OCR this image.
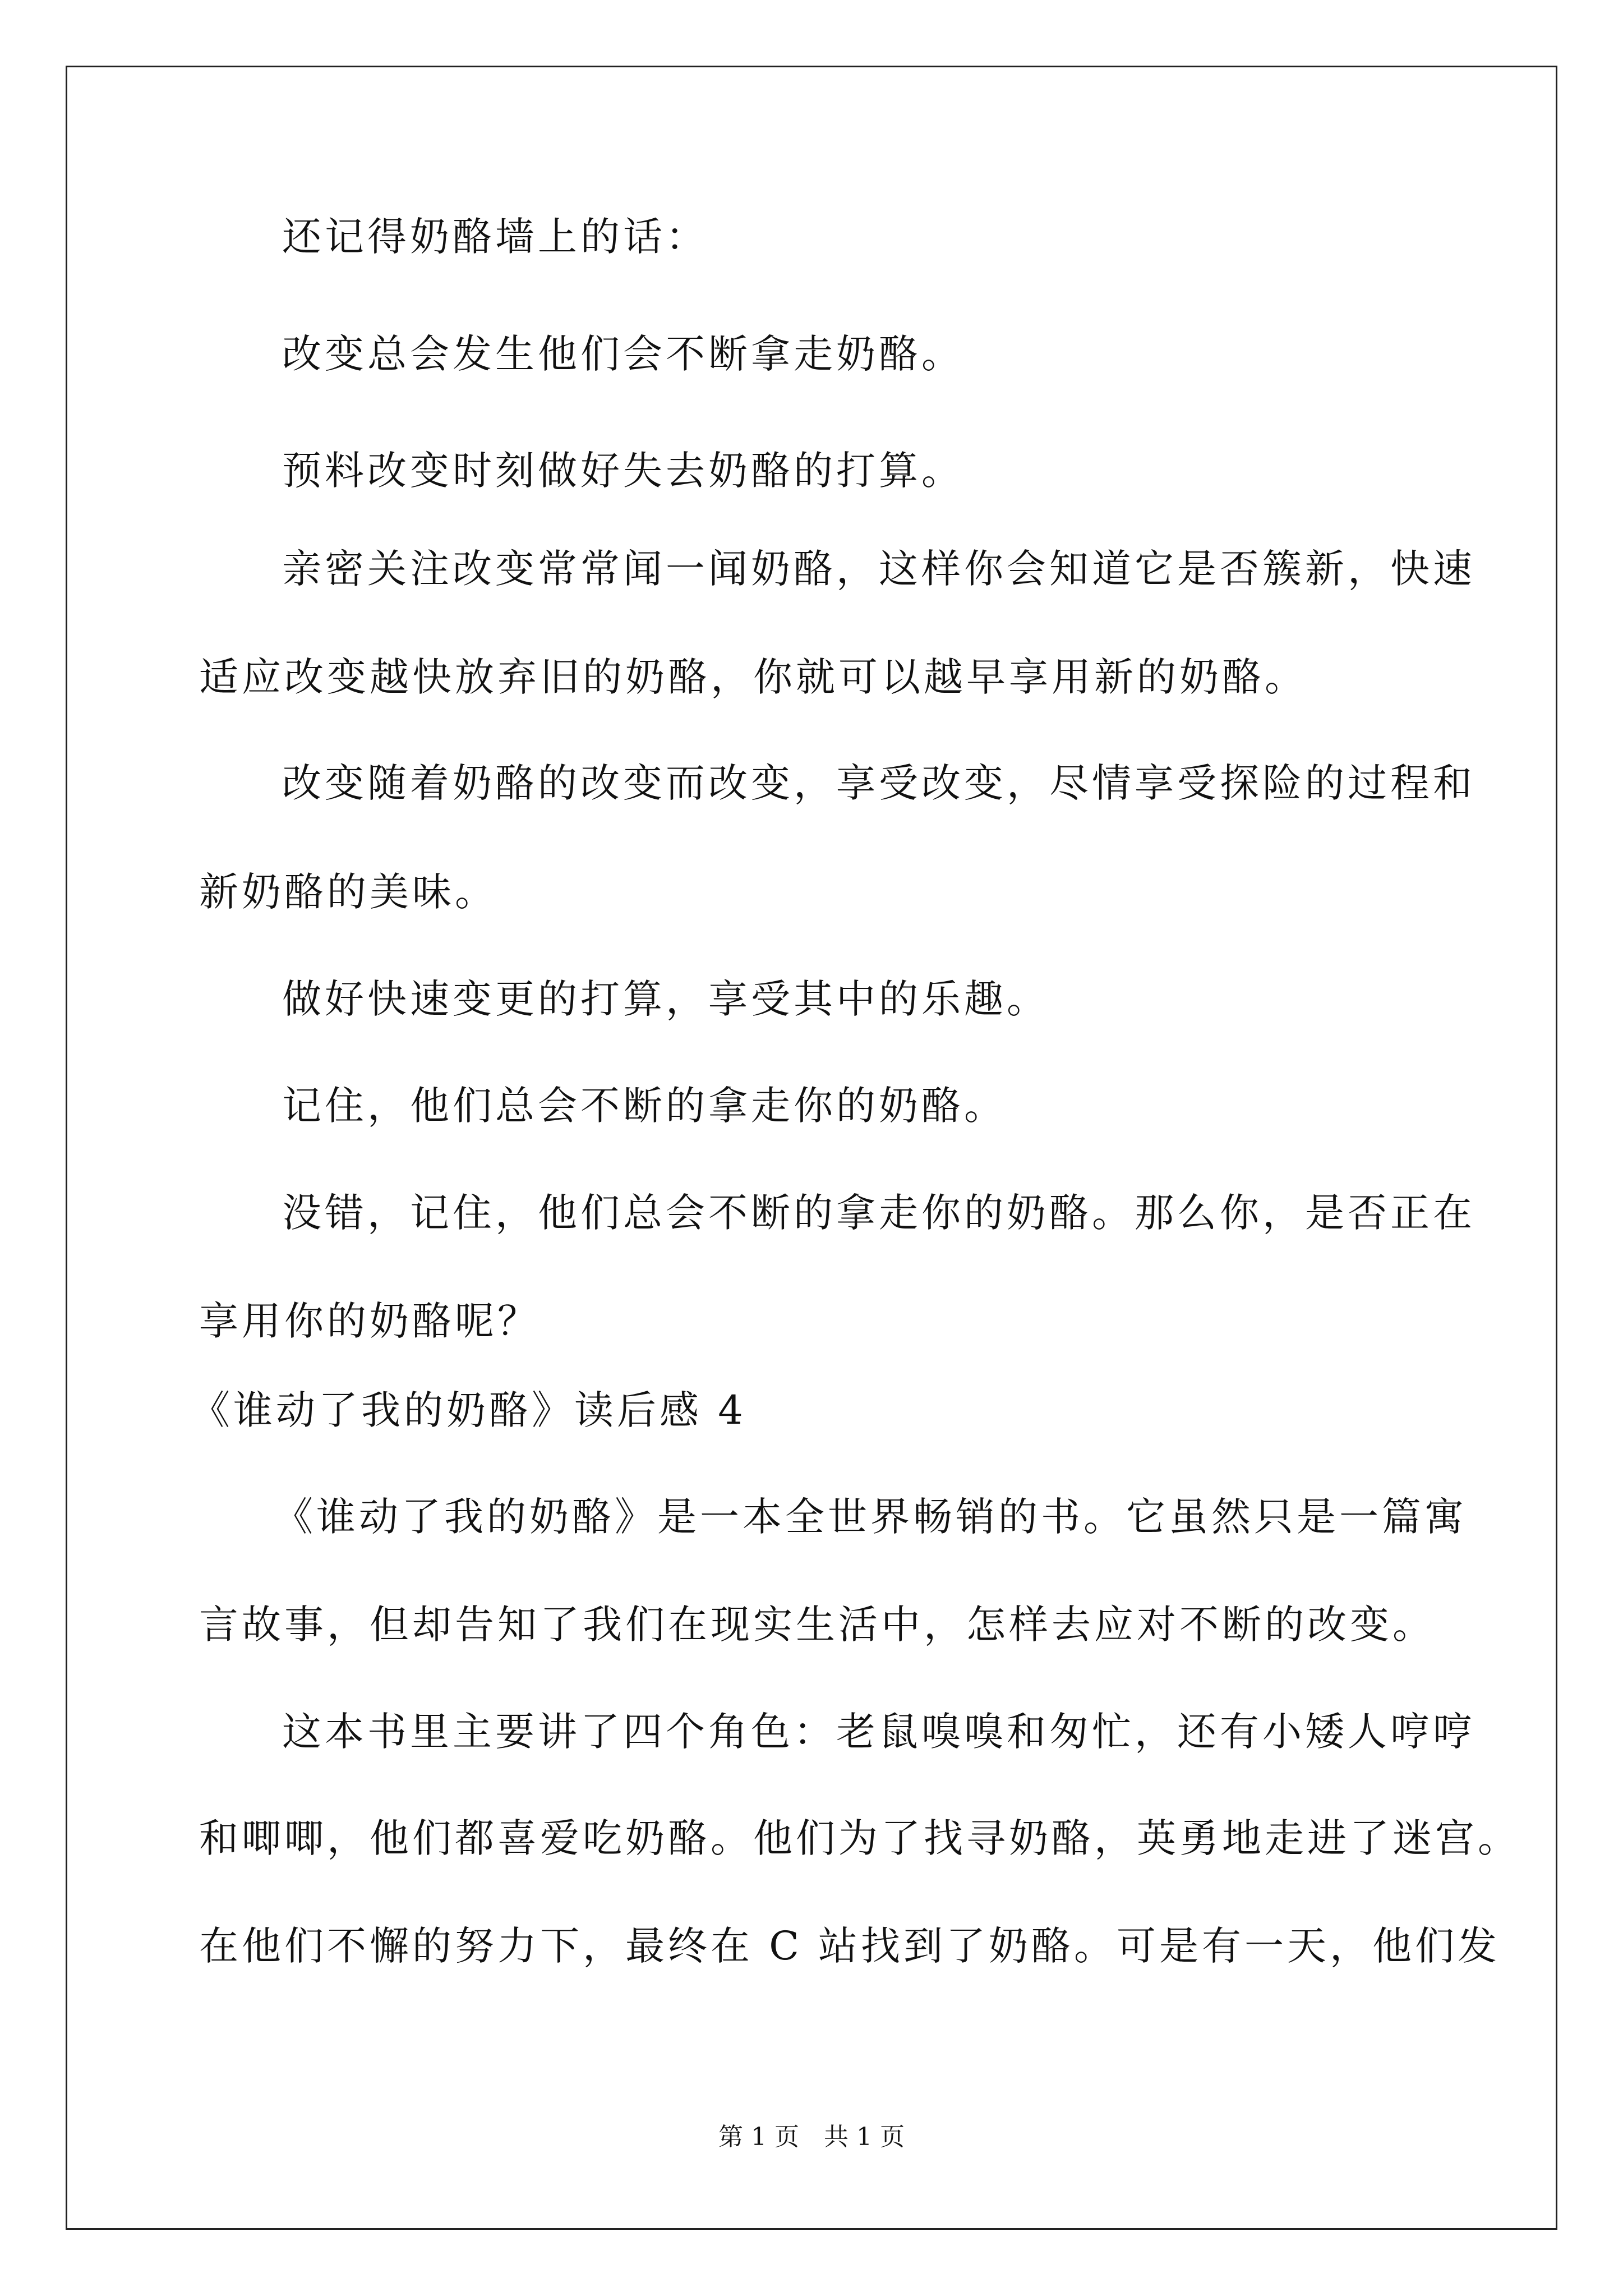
还记得奶酪墙上的话：
改变总会发生他们会不断拿走奶酪。
预料改变时刻做好失去奶酪的打算。
亲密关注改变常常闻一闻奶酪，这样你会知道它是否簇新，快速
适应改变越快放弃旧的奶酪，你就可以越早享用新的奶酪。
改变随着奶酪的改变而改变，享受改变，尽情享受探险的过程和
新奶酪的美味。
做好快速变更的打算，享受其中的乐趣。
记住，他们总会不断的拿走你的奶酪。
没错，记住，他们总会不断的拿走你的奶酪。那么你，是否正在
享用你的奶酪呢？
《谁动了我的奶酪》读后感 4
《谁动了我的奶酪》是一本全世界畅销的书。它虽然只是一篇寓
言故事，但却告知了我们在现实生活中，怎样去应对不断的改变。
这本书里主要讲了四个角色：老鼠嗅嗅和匆忙，还有小矮人哼哼
和唧唧，他们都喜爱吃奶酪。他们为了找寻奶酪，英勇地走进了迷宫。
在他们不懈的努力下，最终在 C 站找到了奶酪。可是有一天，他们发
第 1 页　共 1 页
